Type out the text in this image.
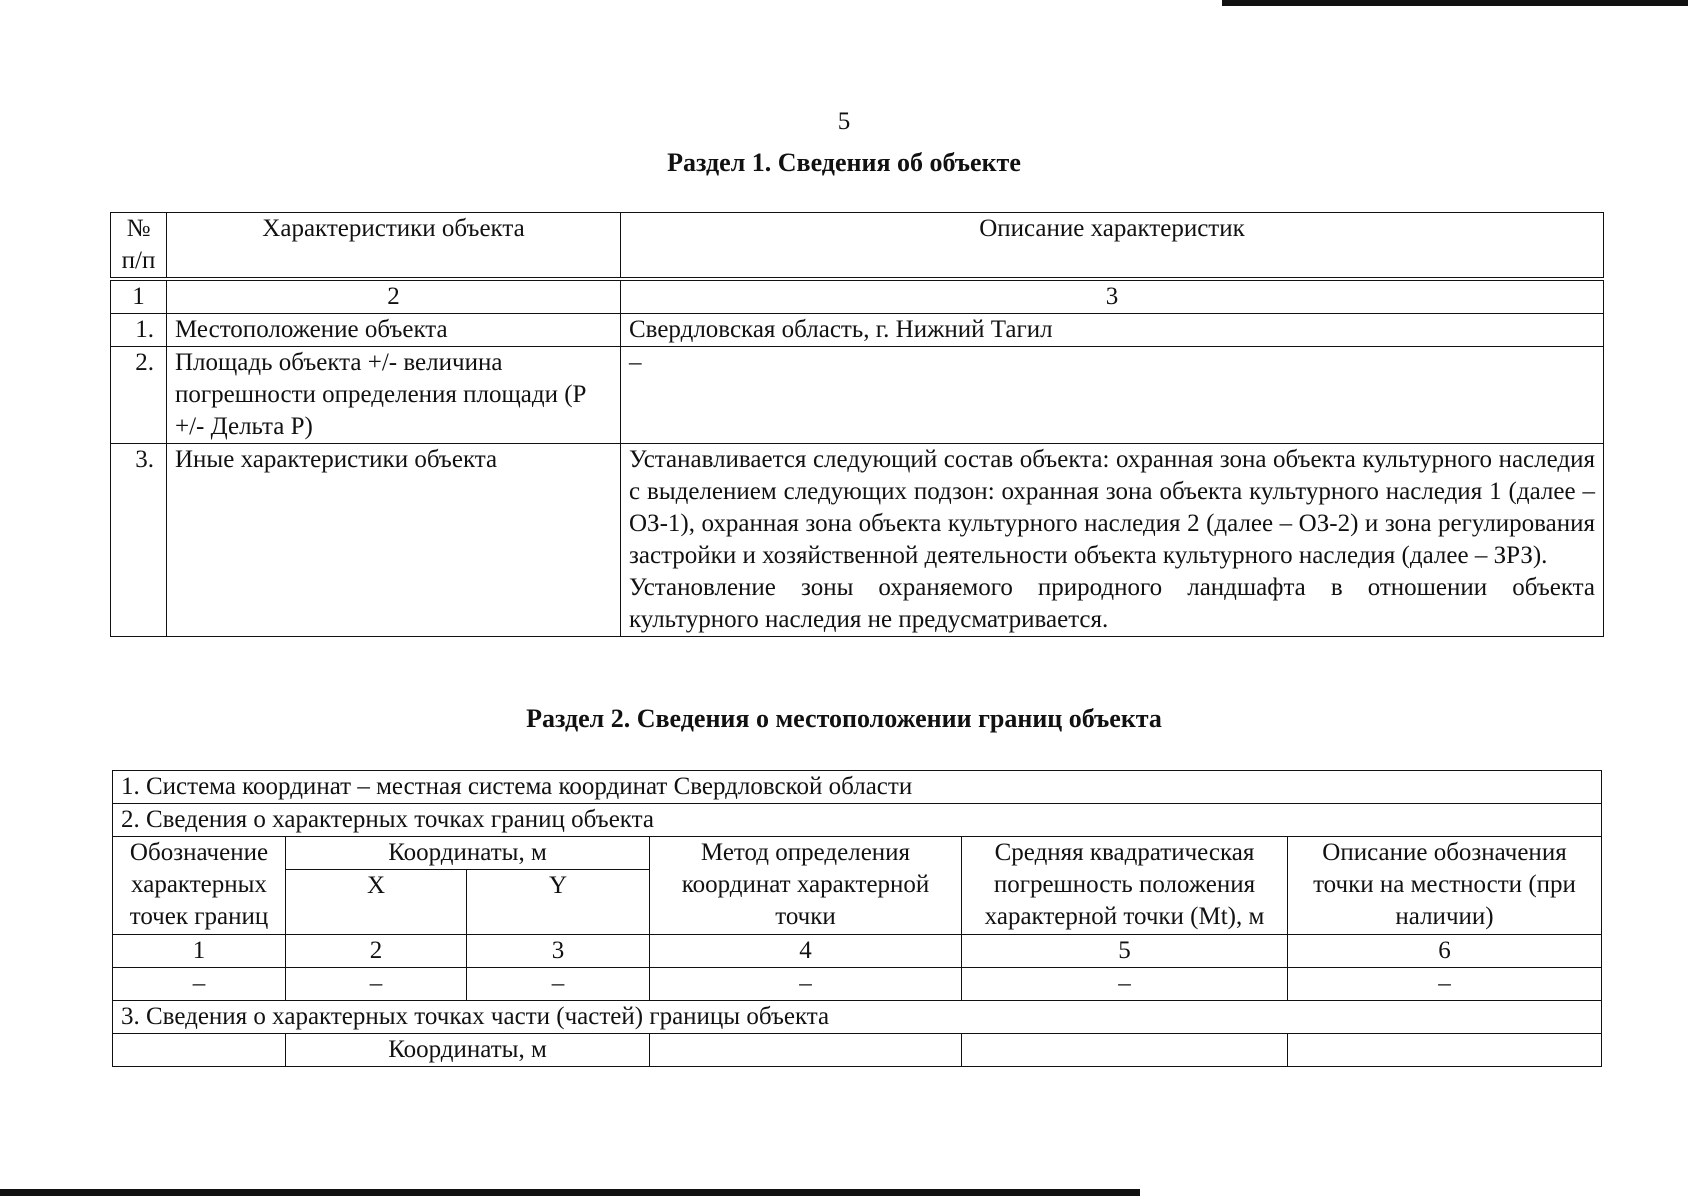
5
Раздел 1. Сведения об объекте
№ п/п	Характеристики объекта	Описание характеристик

1	2	3
1.	Местоположение объекта	Свердловская область, г. Нижний Тагил
2.	Площадь объекта +/- величина погрешности определения площади (Р +/- Дельта Р)	–
3.	Иные характеристики объекта	Устанавливается следующий состав объекта: охранная зона объекта культурного наследия с выделением следующих подзон: охранная зона объекта культурного наследия 1 (далее – ОЗ-1), охранная зона объекта культурного наследия 2 (далее – ОЗ-2) и зона регулирования застройки и хозяйственной деятельности объекта культурного наследия (далее – ЗРЗ).
Установление зоны охраняемого природного ландшафта в отношении объекта культурного наследия не предусматривается.
Раздел 2. Сведения о местоположении границ объекта
1. Система координат – местная система координат Свердловской области					
2. Сведения о характерных точках границ объекта					
Обозначение характерных точек границ	Координаты, м		Метод определения координат характерной точки	Средняя квадратическая погрешность положения характерной точки (Mt), м	Описание обозначения точки на местности (при наличии)
	X	Y			
1	2	3	4	5	6
–	–	–	–	–	–
3. Сведения о характерных точках части (частей) границы объекта					
	Координаты, м				
